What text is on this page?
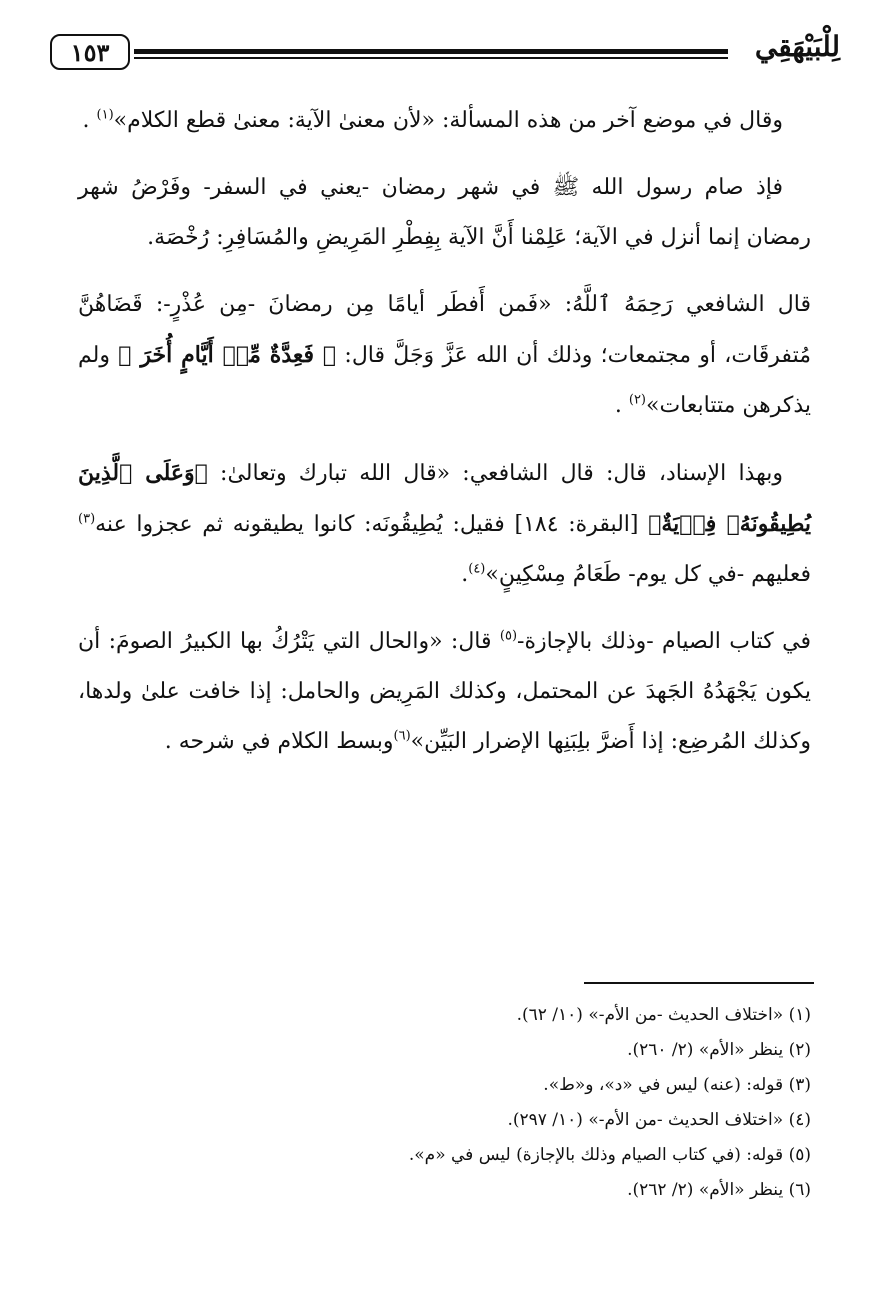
١٥٣	لِلْبَيْهَقِي

وقال في موضع آخر من هذه المسألة: «لأن معنىٰ الآية: معنىٰ قطع الكلام»$^{(١)}$ .

فإذ صام رسول الله ﷺ في شهر رمضان -يعني في السفر- وفَرْضُ شهر رمضان إنما أنزل في الآية؛ عَلِمْنا أَنَّ الآية بِفِطْرِ المَرِيضِ والمُسَافِرِ: رُخْصَة.

قال الشافعي رَحِمَهُ ٱللَّهُ: «فَمن أَفطَر أيامًا مِن رمضانَ -مِن عُذْرٍ-: قَضَاهُنَّ مُتفرقَات، أو مجتمعات؛ وذلك أن الله عَزَّ وَجَلَّ قال: ﴿ فَعِدَّةٌ مِّنۡ أَيَّامٍ أُخَرَ ﴾ ولم يذكرهن متتابعات»$^{(٢)}$ .

وبهذا الإسناد، قال: قال الشافعي: «قال الله تبارك وتعالىٰ: ﴿وَعَلَى ٱلَّذِينَ يُطِيقُونَهُۥ فِدۡيَةٌ﴾ [البقرة: ١٨٤] فقيل: يُطِيقُونَه: كانوا يطيقونه ثم عجزوا عنه$^{(٣)}$ فعليهم -في كل يوم- طَعَامُ مِسْكِينٍ»$^{(٤)}$.

في كتاب الصيام -وذلك بالإجازة-$^{(٥)}$ قال: «والحال التي يَتْرُكُ بها الكبيرُ الصومَ: أن يكون يَجْهَدُهُ الجَهدَ عن المحتمل، وكذلك المَرِيض والحامل: إذا خافت علىٰ ولدها، وكذلك المُرضِع: إذا أَضرَّ بلِبَنِها الإضرار البَيِّن»$^{(٦)}$وبسط الكلام في شرحه .

(١) «اختلاف الحديث -من الأم-» (١٠/ ٦٢).

(٢) ينظر «الأم» (٢/ ٢٦٠).

(٣) قوله: (عنه) ليس في «د»، و«ط».

(٤) «اختلاف الحديث -من الأم-» (١٠/ ٢٩٧).

(٥) قوله: (في كتاب الصيام وذلك بالإجازة) ليس في «م».

(٦) ينظر «الأم» (٢/ ٢٦٢).
